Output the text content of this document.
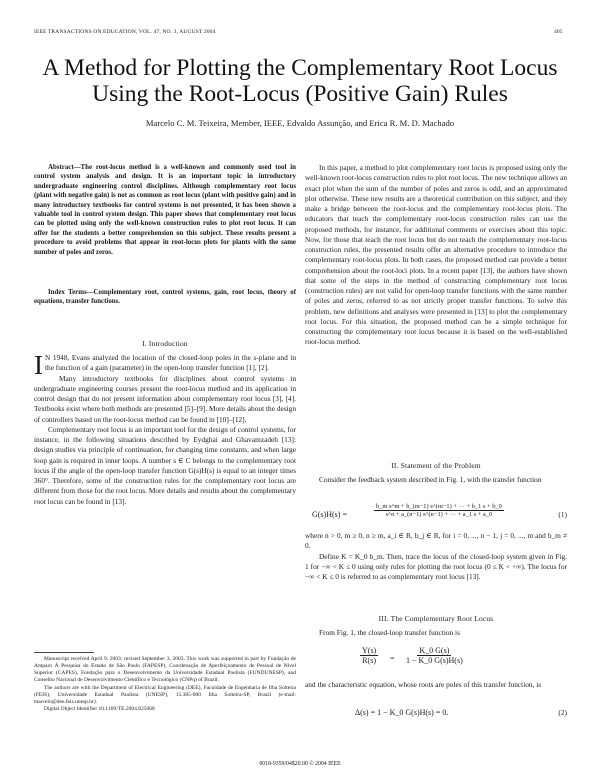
IEEE TRANSACTIONS ON EDUCATION, VOL. 47, NO. 3, AUGUST 2004	405
A Method for Plotting the Complementary Root Locus
Using the Root-Locus (Positive Gain) Rules
Marcelo C. M. Teixeira, Member, IEEE, Edvaldo Assunção, and Erica R. M. D. Machado
Abstract—The root-locus method is a well-known and commonly used tool in control system analysis and design. It is an important topic in introductory undergraduate engineering control disciplines. Although complementary root locus (plant with negative gain) is not as common as root locus (plant with positive gain) and in many introductory textbooks for control systems is not presented, it has been shown a valuable tool in control system design. This paper shows that complementary root locus can be plotted using only the well-known construction rules to plot root locus. It can offer for the students a better comprehension on this subject. These results present a procedure to avoid problems that appear in root-locus plots for plants with the same number of poles and zeros.
Index Terms—Complementary root, control systems, gain, root locus, theory of equations, transfer functions.
I. Introduction

I N 1948, Evans analyzed the location of the closed-loop poles in the s-plane and in the function of a gain (parameter) in the open-loop transfer function [1], [2].

Many introductory textbooks for disciplines about control systems in undergraduate engineering courses present the root-locus method and its application in control design that do not present information about complementary root locus [3], [4]. Textbooks exist where both methods are presented [5]–[9]. More details about the design of controllers based on the root-locus method can be found in [10]–[12].

Complementary root locus is an important tool for the design of control systems, for instance, in the following situations described by Eydghai and Ghavamzadeh [13]: design studies via principle of continuation, for changing time constants, and when large loop gain is required in inner loops. A number s ∈ C belongs to the complementary root locus if the angle of the open-loop transfer function G(s)H(s) is equal to an integer times 360°. Therefore, some of the construction rules for the complementary root locus are different from those for the root locus. More details and results about the complementary root locus can be found in [13].

Manuscript received April 9, 2003; revised September 3, 2003. This work was supported in part by Fundação de Amparo À Pesquisa do Estado de São Paulo (FAPESP), Coordenação de Aperfeiçoamento de Pessoal de Nível Superior (CAPES), Fundação para o Desenvolvimento da Universidade Estadual Paulista (FUNDUNESP), and Conselho Nacional de Desenvolvimento Científico e Tecnológico (CNPq) of Brazil.

The authors are with the Department of Electrical Engineering (DEE), Faculdade de Engenharia de Ilha Solteira (FEIS), Universidade Estadual Paulista (UNESP), 15.385-000 Ilha Solteira-SP, Brazil (e-mail: marcelo@dee.feis.unesp.br).

Digital Object Identifier 10.1109/TE.2004.825068

In this paper, a method to plot complementary root locus is proposed using only the well-known root-locus construction rules to plot root locus. The new technique allows an exact plot when the sum of the number of poles and zeros is odd, and an approximated plot otherwise. These new results are a theoretical contribution on this subject, and they make a bridge between the root-locus and the complementary root-locus plots. The educators that teach the complementary root-locus construction rules can use the proposed methods, for instance, for additional comments or exercises about this topic. Now, for those that teach the root locus but do not teach the complementary root-locus construction rules, the presented results offer an alternative procedure to introduce the complementary root-locus plots. In both cases, the proposed method can provide a better comprehension about the root-loci plots. In a recent paper [13], the authors have shown that some of the steps in the method of constructing complementary root locus (construction rules) are not valid for open-loop transfer functions with the same number of poles and zeros, referred to as not strictly proper transfer functions. To solve this problem, new definitions and analyses were presented in [13] to plot the complementary root locus. For this situation, the proposed method can be a simple technique for constructing the complementary root locus because it is based on the well-established root-locus method.

II. Statement of the Problem

Consider the feedback system described in Fig. 1, with the transfer function

G(s)H(s) =	$\frac{\text{b\_m s\textasciicircum{}m + b\_(m−1) s\textasciicircum{}(m−1) + ··· + b\_1 s + b\_0}}{s\^{}n + a\_(n-1) s\^{}(n-1) + \cdot\cdot\cdot + a\_1 s + a\_0}$	(1)

where n > 0, m ≥ 0, n ≥ m, a_i ∈ R, b_j ∈ R, for i = 0, ..., n − 1, j = 0, ..., m and b_m ≠ 0.

Define K = K_0 b_m. Then, trace the locus of the closed-loop system given in Fig. 1 for −∞ < K ≤ 0 using only rules for plotting the root locus (0 ≤ K < +∞). The locus for −∞ < K ≤ 0 is referred to as complementary root locus [13].

III. The Complementary Root Locus

From Fig. 1, the closed-loop transfer function is

$\frac{Y(s)}{R(s)} = \frac{K\_0 G(s)}{1 - K\_0 G(s)H(s)}$

and the characteristic equation, whose roots are poles of this transfer function, is

Δ(s) = 1 − K_0 G(s)H(s) = 0.	(2)
0018-9359/04$20.00 © 2004 IEEE
